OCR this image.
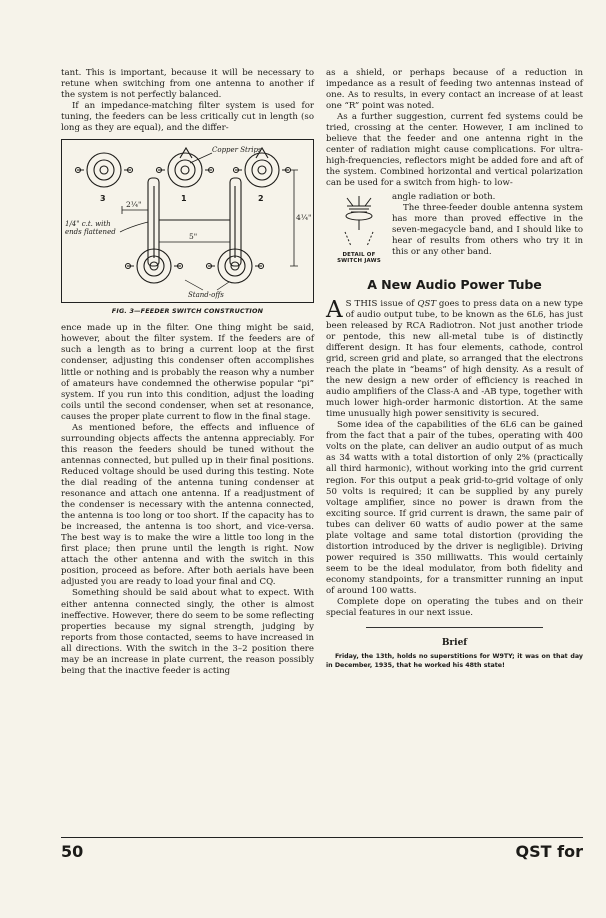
tant. This is important, because it will be necessary to retune when switching from one antenna to another if the system is not perfectly balanced.

If an impedance-matching filter system is used for tuning, the feeders can be less critically cut in length (so long as they are equal), and the differ-

Copper Strips
3	1	2
1/4" c.t. with
ends flattened
2¼"
5"
4¼"
Stand-offs
FIG. 3—FEEDER SWITCH CONSTRUCTION

ence made up in the filter. One thing might be said, however, about the filter system. If the feeders are of such a length as to bring a current loop at the first condenser, adjusting this condenser often accomplishes little or nothing and is probably the reason why a number of amateurs have condemned the otherwise popular “pi” system. If you run into this condition, adjust the loading coils until the second condenser, when set at resonance, causes the proper plate current to flow in the final stage.

As mentioned before, the effects and influence of surrounding objects affects the antenna appreciably. For this reason the feeders should be tuned without the antennas connected, but pulled up in their final positions. Reduced voltage should be used during this testing. Note the dial reading of the antenna tuning condenser at resonance and attach one antenna. If a readjustment of the condenser is necessary with the antenna connected, the antenna is too long or too short. If the capacity has to be increased, the antenna is too short, and vice-versa. The best way is to make the wire a little too long in the first place; then prune until the length is right. Now attach the other antenna and with the switch in this position, proceed as before. After both aerials have been adjusted you are ready to load your final and CQ.

Something should be said about what to expect. With either antenna connected singly, the other is almost ineffective. However, there do seem to be some reflecting properties because my signal strength, judging by reports from those contacted, seems to have increased in all directions. With the switch in the 3–2 position there may be an increase in plate current, the reason possibly being that the inactive feeder is acting

as a shield, or perhaps because of a reduction in impedance as a result of feeding two antennas instead of one. As to results, in every contact an increase of at least one “R” point was noted.

As a further suggestion, current fed systems could be tried, crossing at the center. However, I am inclined to believe that the feeder and one antenna right in the center of radiation might cause complications. For ultra-high-frequencies, reflectors might be added fore and aft of the system. Combined horizontal and vertical polarization can be used for a switch from high- to low-

DETAIL OF
SWITCH JAWS

angle radiation or both.

The three-feeder double antenna system has more than proved effective in the seven-megacycle band, and I should like to hear of results from others who try it in this or any other band.

A New Audio Power Tube

A S THIS issue of QST goes to press data on a new type of audio output tube, to be known as the 6L6, has just been released by RCA Radiotron. Not just another triode or pentode, this new all-metal tube is of distinctly different design. It has four elements, cathode, control grid, screen grid and plate, so arranged that the electrons reach the plate in “beams” of high density. As a result of the new design a new order of efficiency is reached in audio amplifiers of the Class-A and -AB type, together with much lower high-order harmonic distortion. At the same time unusually high power sensitivity is secured.

Some idea of the capabilities of the 6L6 can be gained from the fact that a pair of the tubes, operating with 400 volts on the plate, can deliver an audio output of as much as 34 watts with a total distortion of only 2% (practically all third harmonic), without working into the grid current region. For this output a peak grid-to-grid voltage of only 50 volts is required; it can be supplied by any purely voltage amplifier, since no power is drawn from the exciting source. If grid current is drawn, the same pair of tubes can deliver 60 watts of audio power at the same plate voltage and same total distortion (providing the distortion introduced by the driver is negligible). Driving power required is 350 milliwatts. This would certainly seem to be the ideal modulator, from both fidelity and economy standpoints, for a transmitter running an input of around 100 watts.

Complete dope on operating the tubes and on their special features in our next issue.

Brief

Friday, the 13th, holds no superstitions for W9TY; it was on that day in December, 1935, that he worked his 48th state!

50	QST for
